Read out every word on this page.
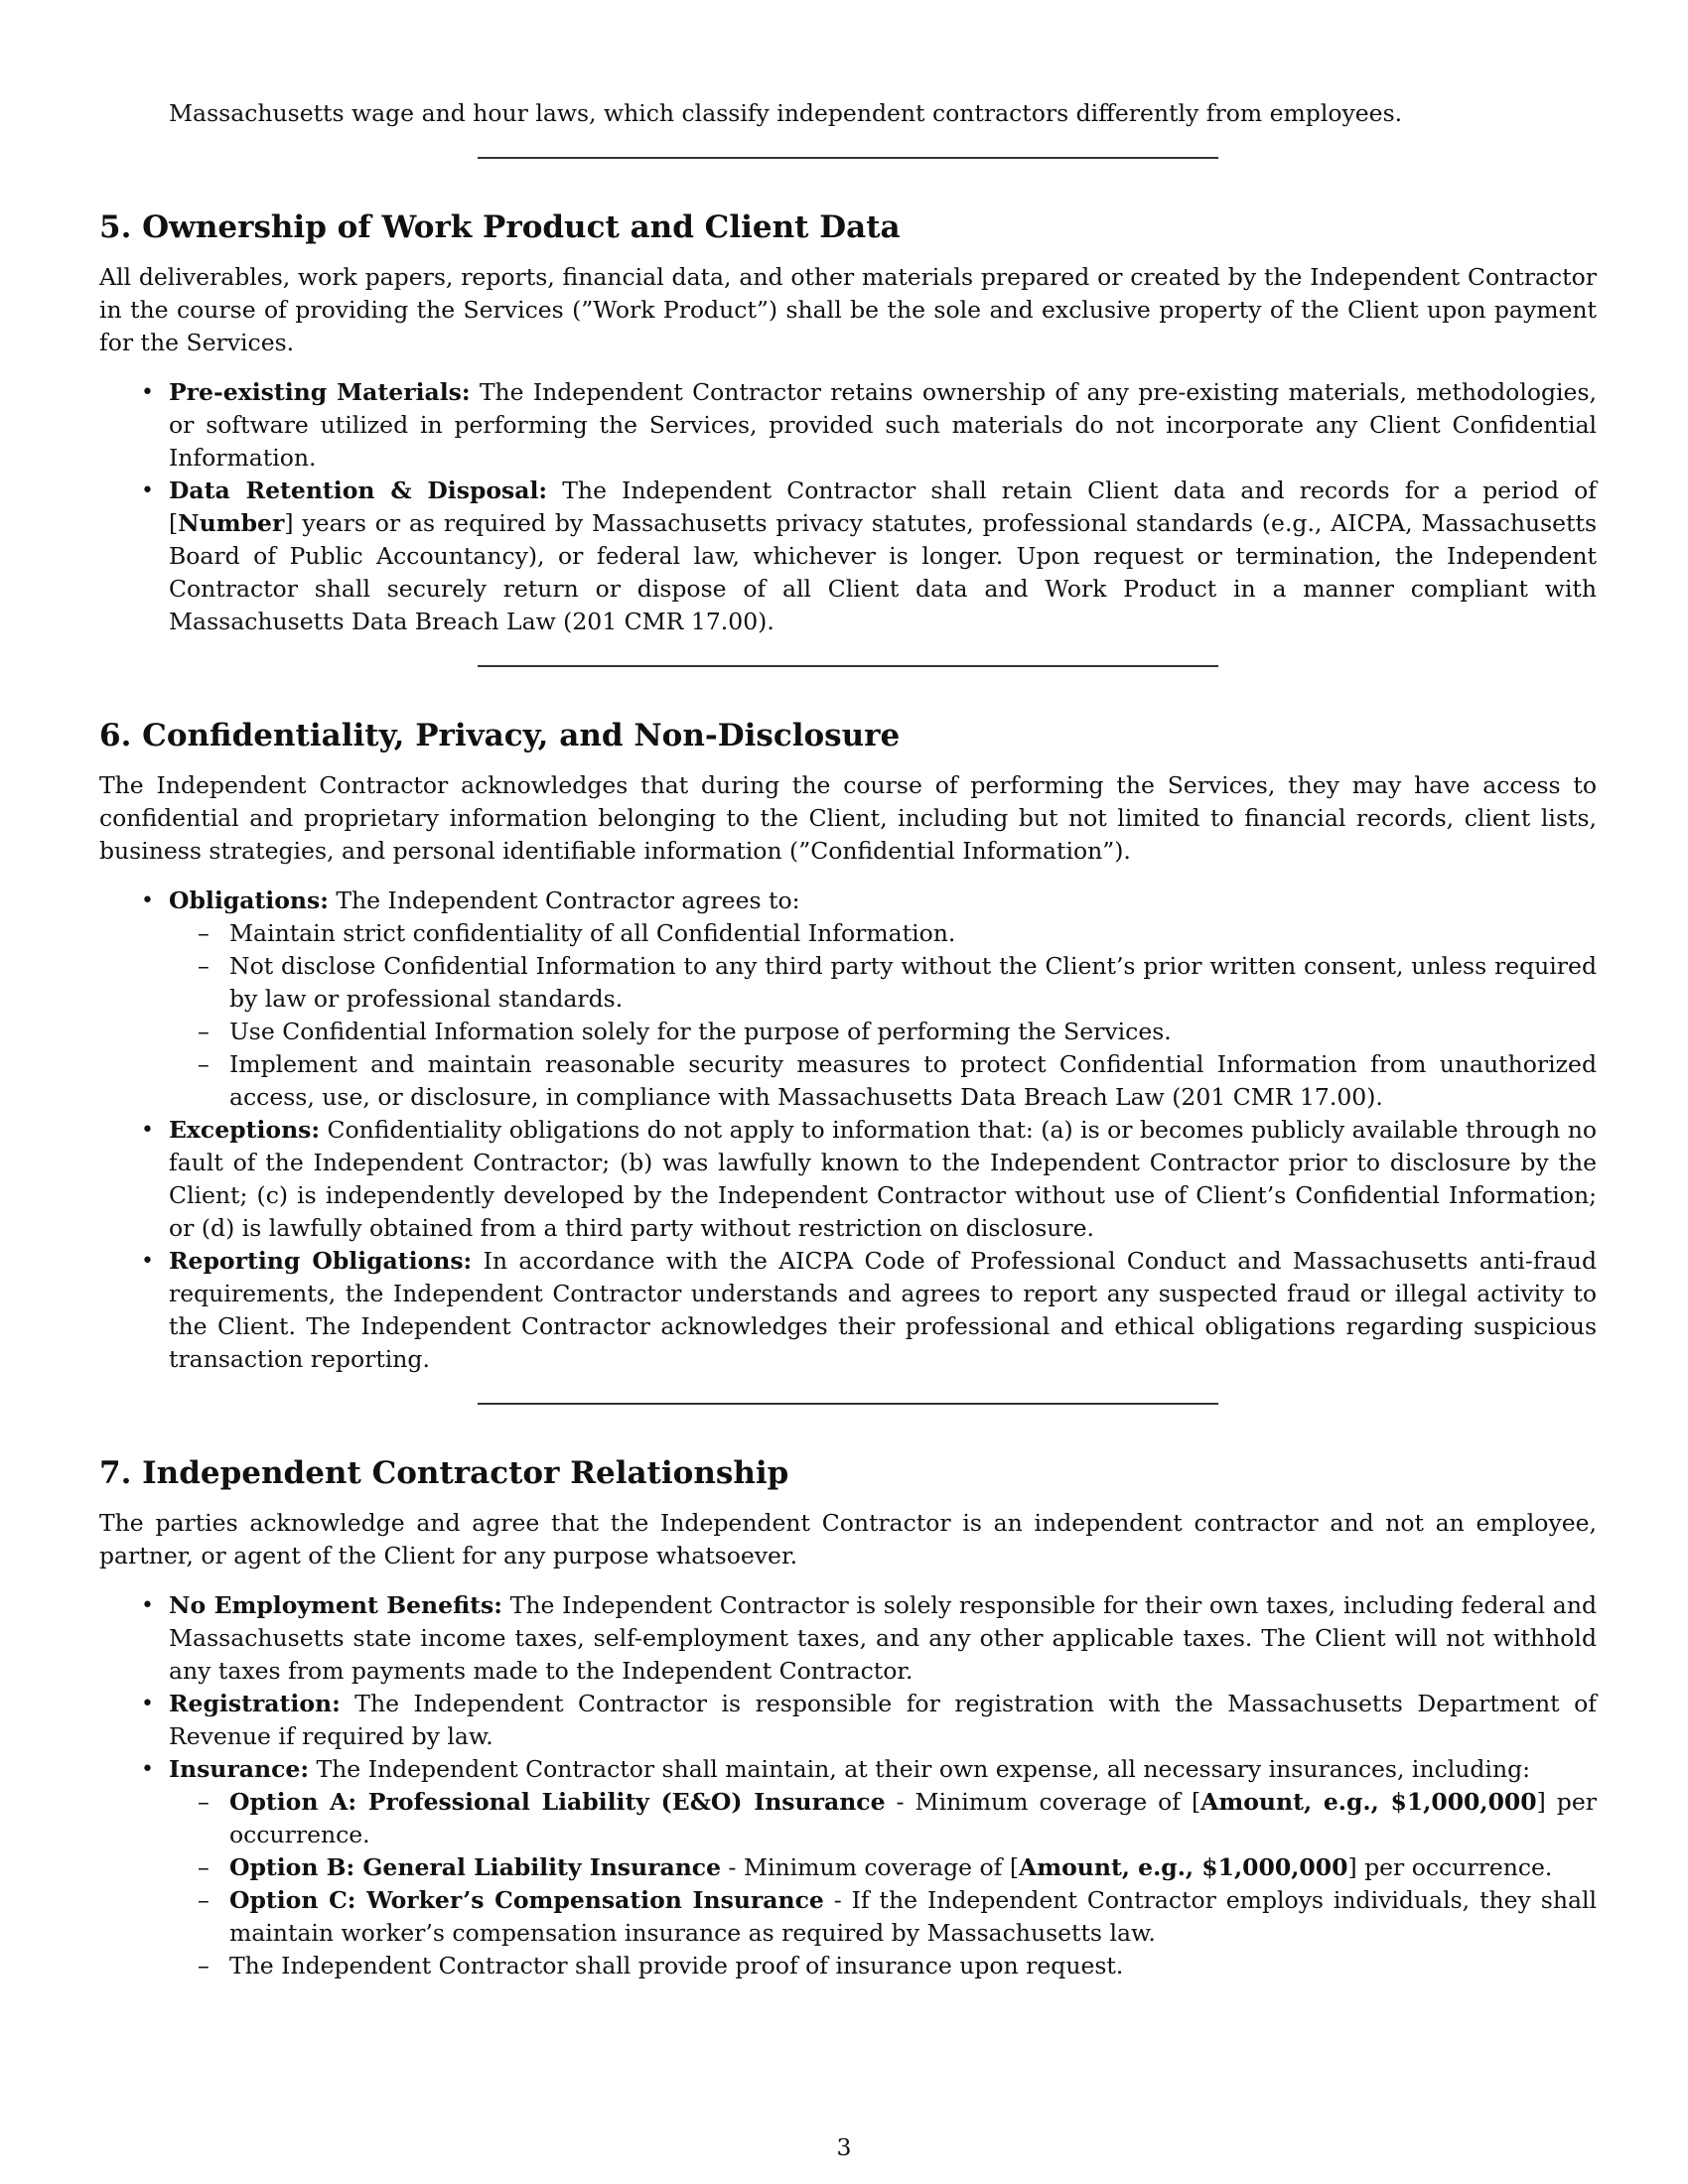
Massachusetts wage and hour laws, which classify independent contractors differently from employees.

5. Ownership of Work Product and Client Data

All deliverables, work papers, reports, financial data, and other materials prepared or created by the Independent Contractor in the course of providing the Services (”Work Product”) shall be the sole and exclusive property of the Client upon payment for the Services.

• Pre-existing Materials: The Independent Contractor retains ownership of any pre-existing materials, methodologies, or software utilized in performing the Services, provided such materials do not incorporate any Client Confidential Information.
• Data Retention & Disposal: The Independent Contractor shall retain Client data and records for a period of [Number] years or as required by Massachusetts privacy statutes, professional standards (e.g., AICPA, Massachusetts Board of Public Accountancy), or federal law, whichever is longer. Upon request or termination, the Independent Contractor shall securely return or dispose of all Client data and Work Product in a manner compliant with Massachusetts Data Breach Law (201 CMR 17.00).
6. Confidentiality, Privacy, and Non-Disclosure

The Independent Contractor acknowledges that during the course of performing the Services, they may have access to confidential and proprietary information belonging to the Client, including but not limited to financial records, client lists, business strategies, and personal identifiable information (”Confidential Information”).

• Obligations: The Independent Contractor agrees to:
– Maintain strict confidentiality of all Confidential Information.
– Not disclose Confidential Information to any third party without the Client’s prior written consent, unless required by law or professional standards.
– Use Confidential Information solely for the purpose of performing the Services.
– Implement and maintain reasonable security measures to protect Confidential Information from unauthorized access, use, or disclosure, in compliance with Massachusetts Data Breach Law (201 CMR 17.00).
• Exceptions: Confidentiality obligations do not apply to information that: (a) is or becomes publicly available through no fault of the Independent Contractor; (b) was lawfully known to the Independent Contractor prior to disclosure by the Client; (c) is independently developed by the Independent Contractor without use of Client’s Confidential Information; or (d) is lawfully obtained from a third party without restriction on disclosure.
• Reporting Obligations: In accordance with the AICPA Code of Professional Conduct and Massachusetts anti-fraud requirements, the Independent Contractor understands and agrees to report any suspected fraud or illegal activity to the Client. The Independent Contractor acknowledges their professional and ethical obligations regarding suspicious transaction reporting.
7. Independent Contractor Relationship

The parties acknowledge and agree that the Independent Contractor is an independent contractor and not an employee, partner, or agent of the Client for any purpose whatsoever.

• No Employment Benefits: The Independent Contractor is solely responsible for their own taxes, including federal and Massachusetts state income taxes, self-employment taxes, and any other applicable taxes. The Client will not withhold any taxes from payments made to the Independent Contractor.
• Registration: The Independent Contractor is responsible for registration with the Massachusetts Department of Revenue if required by law.
• Insurance: The Independent Contractor shall maintain, at their own expense, all necessary insurances, including:
– Option A: Professional Liability (E&O) Insurance - Minimum coverage of [Amount, e.g., $1,000,000] per occurrence.
– Option B: General Liability Insurance - Minimum coverage of [Amount, e.g., $1,000,000] per occurrence.
– Option C: Worker’s Compensation Insurance - If the Independent Contractor employs individuals, they shall maintain worker’s compensation insurance as required by Massachusetts law.
– The Independent Contractor shall provide proof of insurance upon request.
3
